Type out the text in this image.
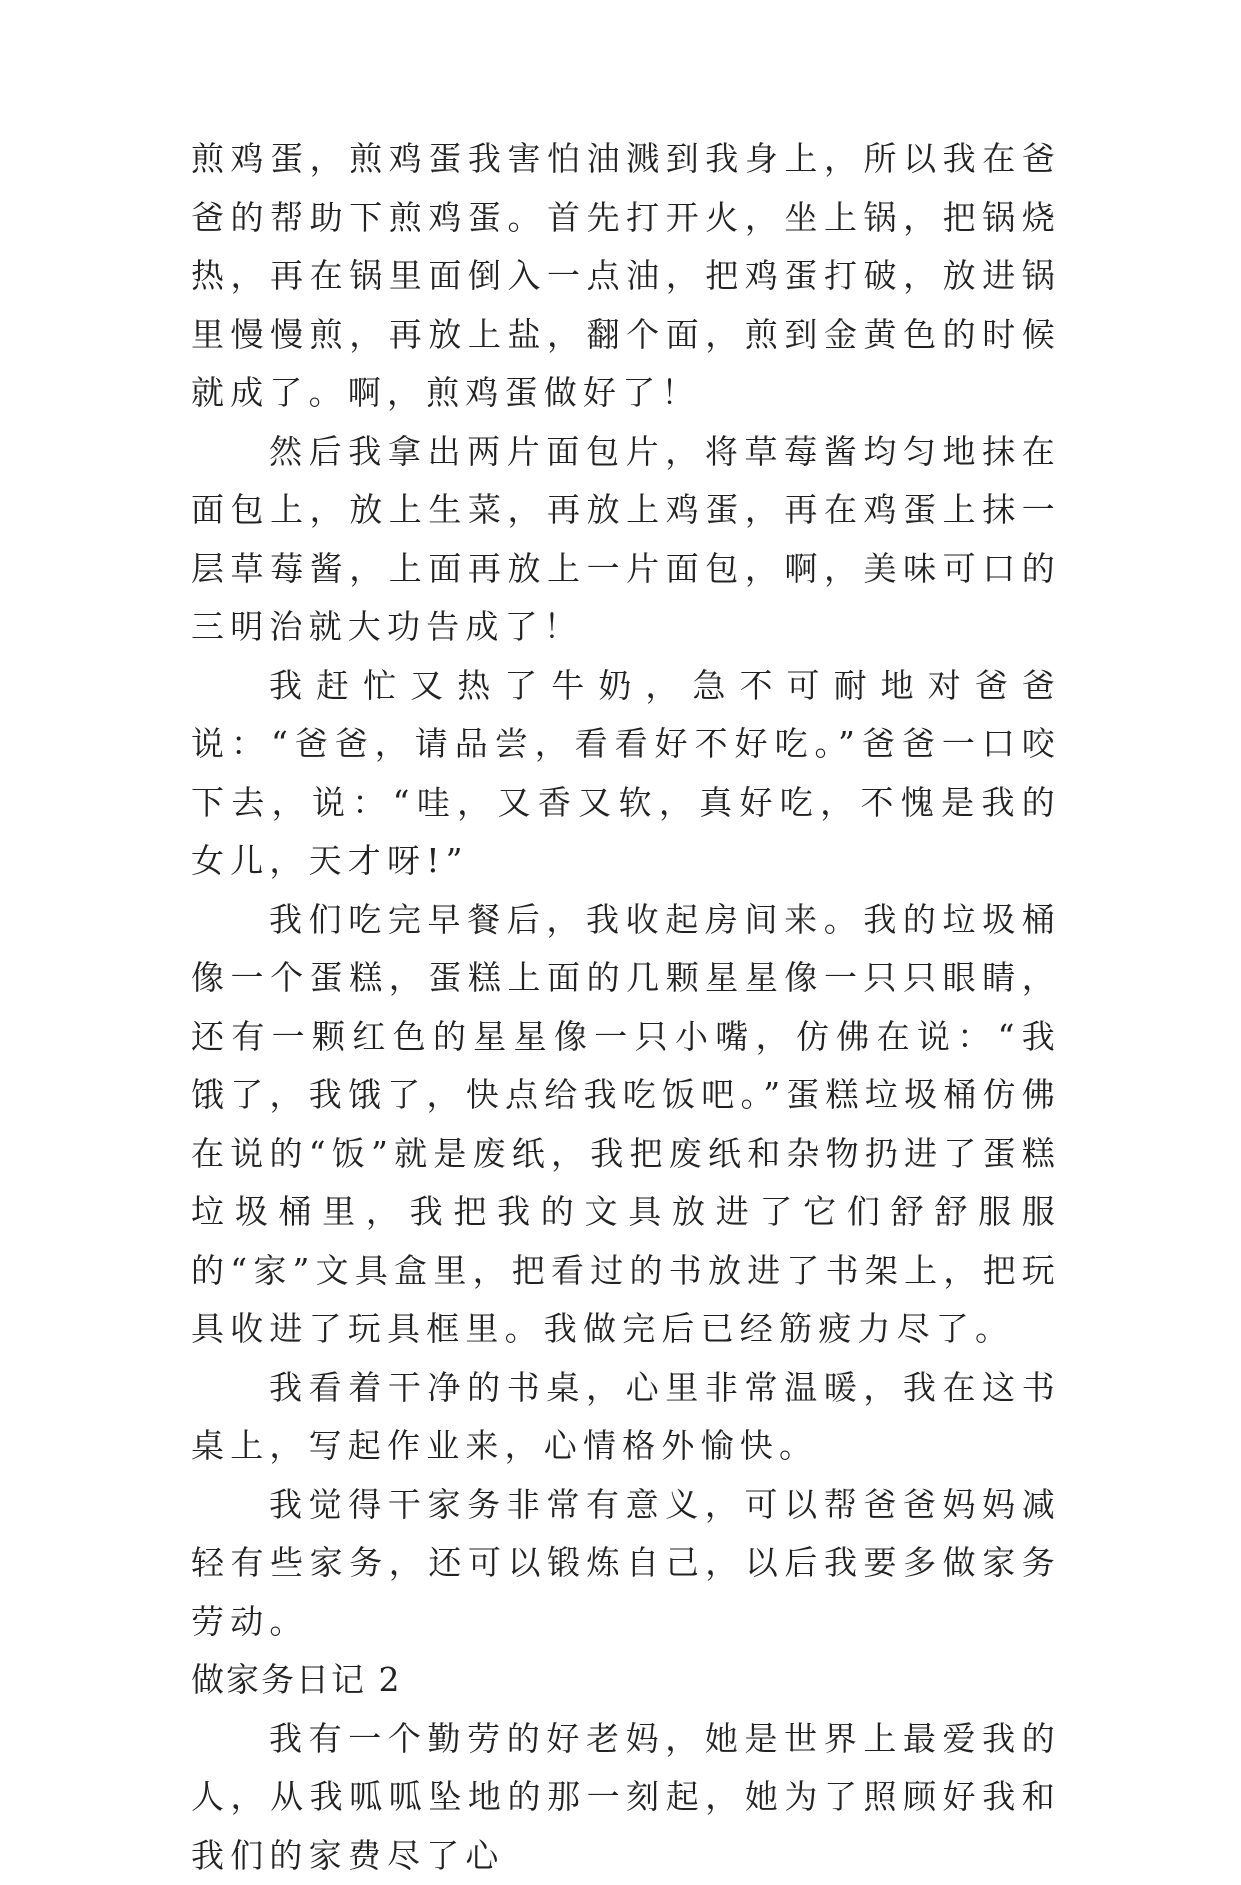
煎鸡蛋，煎鸡蛋我害怕油溅到我身上，所以我在爸爸的帮助下煎鸡蛋。首先打开火，坐上锅，把锅烧热，再在锅里面倒入一点油，把鸡蛋打破，放进锅里慢慢煎，再放上盐，翻个面，煎到金黄色的时候就成了。啊，煎鸡蛋做好了！

然后我拿出两片面包片，将草莓酱均匀地抹在面包上，放上生菜，再放上鸡蛋，再在鸡蛋上抹一层草莓酱，上面再放上一片面包，啊，美味可口的三明治就大功告成了！

我赶忙又热了牛奶，急不可耐地对爸爸说：“爸爸，请品尝，看看好不好吃。”爸爸一口咬下去，说：“哇，又香又软，真好吃，不愧是我的女儿，天才呀!”

我们吃完早餐后，我收起房间来。我的垃圾桶像一个蛋糕，蛋糕上面的几颗星星像一只只眼睛，还有一颗红色的星星像一只小嘴，仿佛在说：“我饿了，我饿了，快点给我吃饭吧。”蛋糕垃圾桶仿佛在说的“饭”就是废纸，我把废纸和杂物扔进了蛋糕垃圾桶里，我把我的文具放进了它们舒舒服服的“家”文具盒里，把看过的书放进了书架上，把玩具收进了玩具框里。我做完后已经筋疲力尽了。

我看着干净的书桌，心里非常温暖，我在这书桌上，写起作业来，心情格外愉快。

我觉得干家务非常有意义，可以帮爸爸妈妈减轻有些家务，还可以锻炼自己，以后我要多做家务劳动。

做家务日记 2

我有一个勤劳的好老妈，她是世界上最爱我的人，从我呱呱坠地的那一刻起，她为了照顾好我和我们的家费尽了心
